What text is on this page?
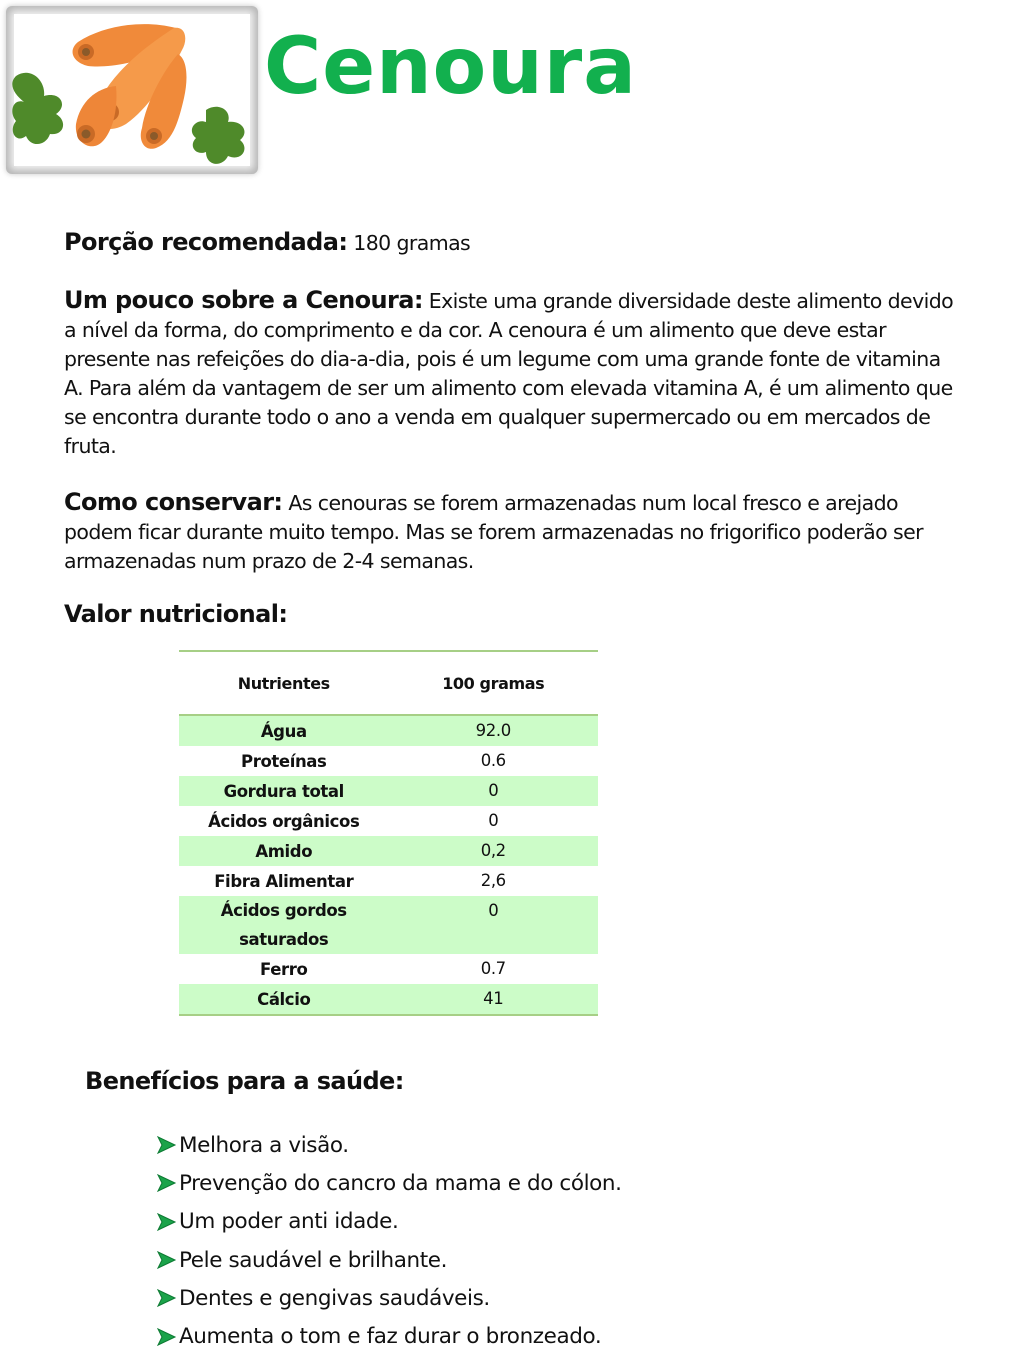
Cenoura
Porção recomendada: 180 gramas
Um pouco sobre a Cenoura: Existe uma grande diversidade deste alimento devido a nível da forma, do comprimento e da cor. A cenoura é um alimento que deve estar presente nas refeições do dia-a-dia, pois é um legume com uma grande fonte de vitamina A. Para além da vantagem de ser um alimento com elevada vitamina A, é um alimento que se encontra durante todo o ano a venda em qualquer supermercado ou em mercados de fruta.
Como conservar: As cenouras se forem armazenadas num local fresco e arejado podem ficar durante muito tempo. Mas se forem armazenadas no frigorifico poderão ser armazenadas num prazo de 2-4 semanas.
Valor nutricional:
Nutrientes	100 gramas
Água	92.0
Proteínas	0.6
Gordura total	0
Ácidos orgânicos	0
Amido	0,2
Fibra Alimentar	2,6
Ácidos gordos saturados	0
Ferro	0.7
Cálcio	41
Benefícios para a saúde:
Melhora a visão.
Prevenção do cancro da mama e do cólon.
Um poder anti idade.
Pele saudável e brilhante.
Dentes e gengivas saudáveis.
Aumenta o tom e faz durar o bronzeado.
